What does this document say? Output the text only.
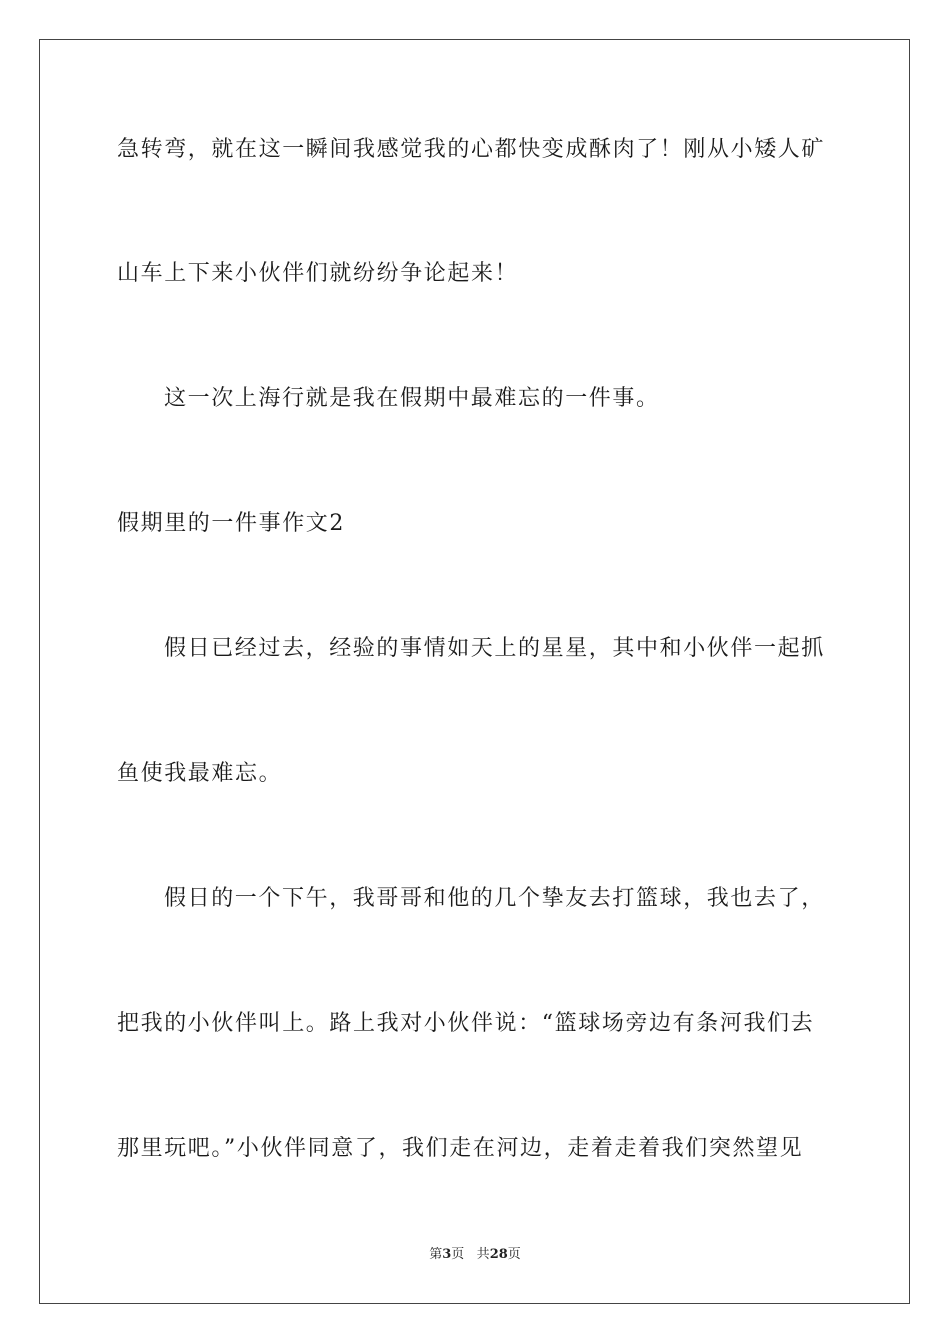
急转弯，就在这一瞬间我感觉我的心都快变成酥肉了！刚从小矮人矿
山车上下来小伙伴们就纷纷争论起来！
这一次上海行就是我在假期中最难忘的一件事。
假期里的一件事作文2
假日已经过去，经验的事情如天上的星星，其中和小伙伴一起抓
鱼使我最难忘。
假日的一个下午，我哥哥和他的几个挚友去打篮球，我也去了，
把我的小伙伴叫上。路上我对小伙伴说：“篮球场旁边有条河我们去
那里玩吧。”小伙伴同意了，我们走在河边，走着走着我们突然望见
第3页 共28页
